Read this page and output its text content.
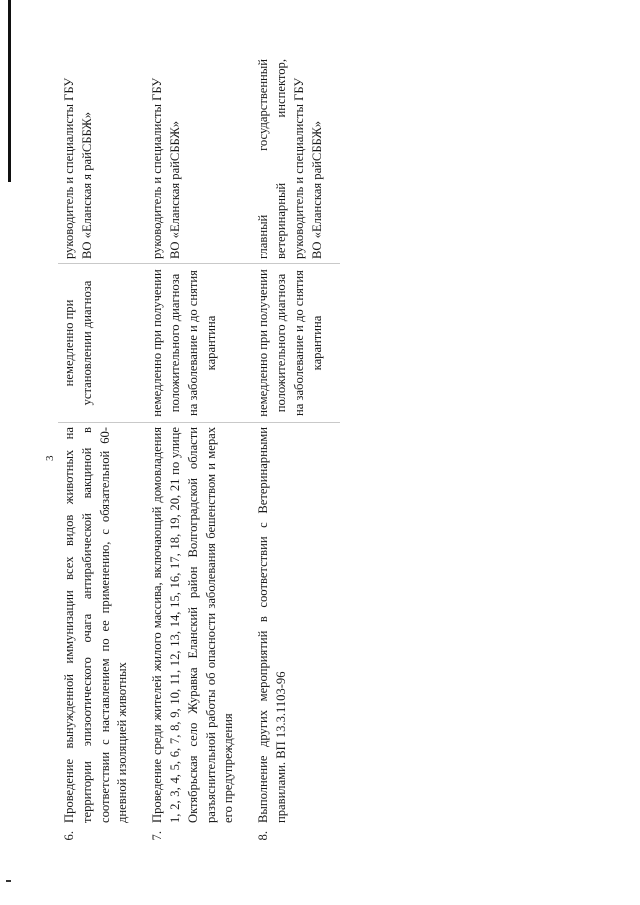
3
6.	Проведение вынужденной иммунизации всех видов животных на территории эпизоотического очага антирабической вакциной в соответствии с наставлением по ее применению, с обязательной 60-дневной изоляцией животных	немедленно при установлении диагноза	руководитель и специалисты ГБУ ВО «Еланская я райСББЖ»
7.	Проведение среди жителей жилого массива, включающий домовладения 1, 2, 3, 4, 5, 6, 7, 8, 9, 10, 11, 12, 13, 14, 15, 16, 17, 18, 19, 20, 21 по улице Октябрьская село Журавка Еланский район Волгоградской области разъяснительной работы об опасности заболевания бешенством и мерах его предупреждения	немедленно при получении положительного диагноза на заболевание и до снятия карантина	руководитель и специалисты ГБУ ВО «Еланская райСББЖ»
8.	Выполнение других мероприятий в соответствии с Ветеринарными правилами. ВП 13.3.1103-96	немедленно при получении положительного диагноза на заболевание и до снятия карантина	главный государственный ветеринарный инспектор, руководитель и специалисты ГБУ ВО «Еланская райСББЖ»
